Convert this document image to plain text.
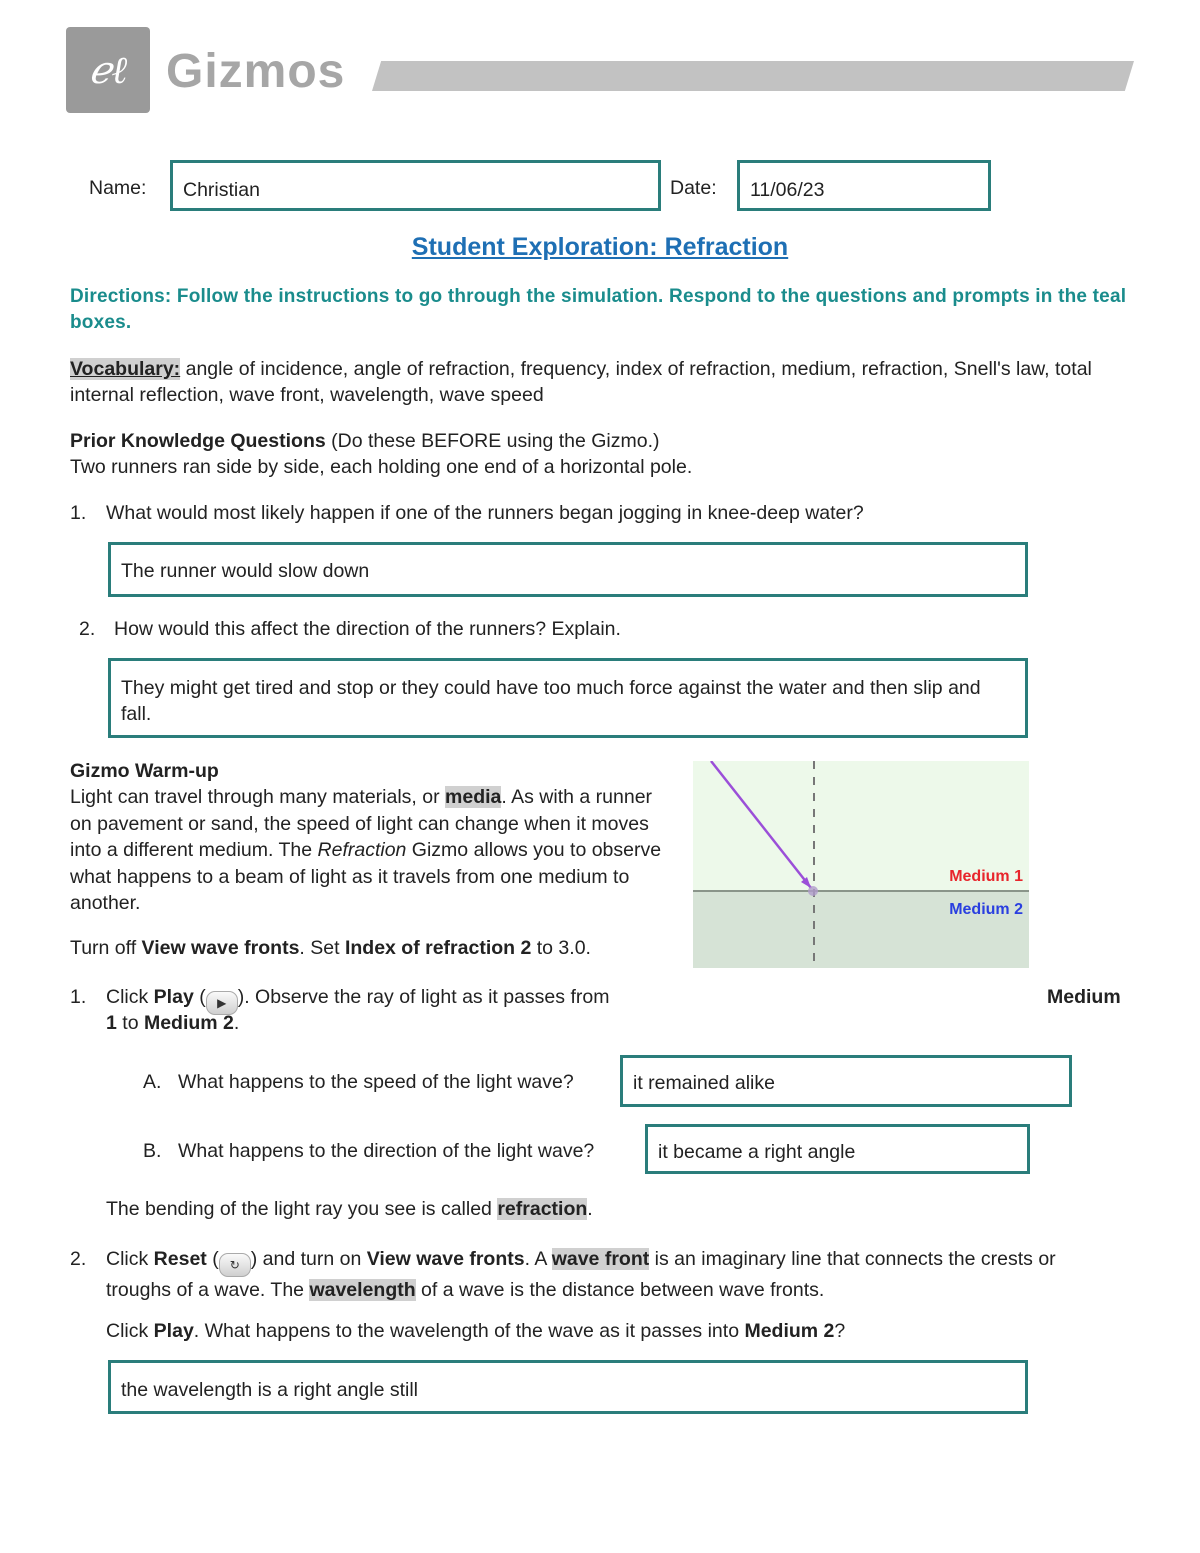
ℯℓ Gizmos
Name:	Christian	Date:	11/06/23
Student Exploration: Refraction
Directions: Follow the instructions to go through the simulation. Respond to the questions and prompts in the teal boxes.
Vocabulary: angle of incidence, angle of refraction, frequency, index of refraction, medium, refraction, Snell's law, total internal reflection, wave front, wavelength, wave speed
Prior Knowledge Questions (Do these BEFORE using the Gizmo.)
Two runners ran side by side, each holding one end of a horizontal pole.
1. What would most likely happen if one of the runners began jogging in knee-deep water?
The runner would slow down
2. How would this affect the direction of the runners? Explain.
They might get tired and stop or they could have too much force against the water and then slip and fall.
Gizmo Warm-up
Light can travel through many materials, or media. As with a runner on pavement or sand, the speed of light can change when it moves into a different medium. The Refraction Gizmo allows you to observe what happens to a beam of light as it travels from one medium to another.
Turn off View wave fronts. Set Index of refraction 2 to 3.0.
Medium 1
Medium 2
1. Click Play ( ▶ ). Observe the ray of light as it passes from	Medium
1 to Medium 2.
A. What happens to the speed of the light wave?	it remained alike
B. What happens to the direction of the light wave?	it became a right angle
The bending of the light ray you see is called refraction.
2. Click Reset ( ↻ ) and turn on View wave fronts. A wave front is an imaginary line that connects the crests or troughs of a wave. The wavelength of a wave is the distance between wave fronts.
Click Play. What happens to the wavelength of the wave as it passes into Medium 2?
the wavelength is a right angle still
